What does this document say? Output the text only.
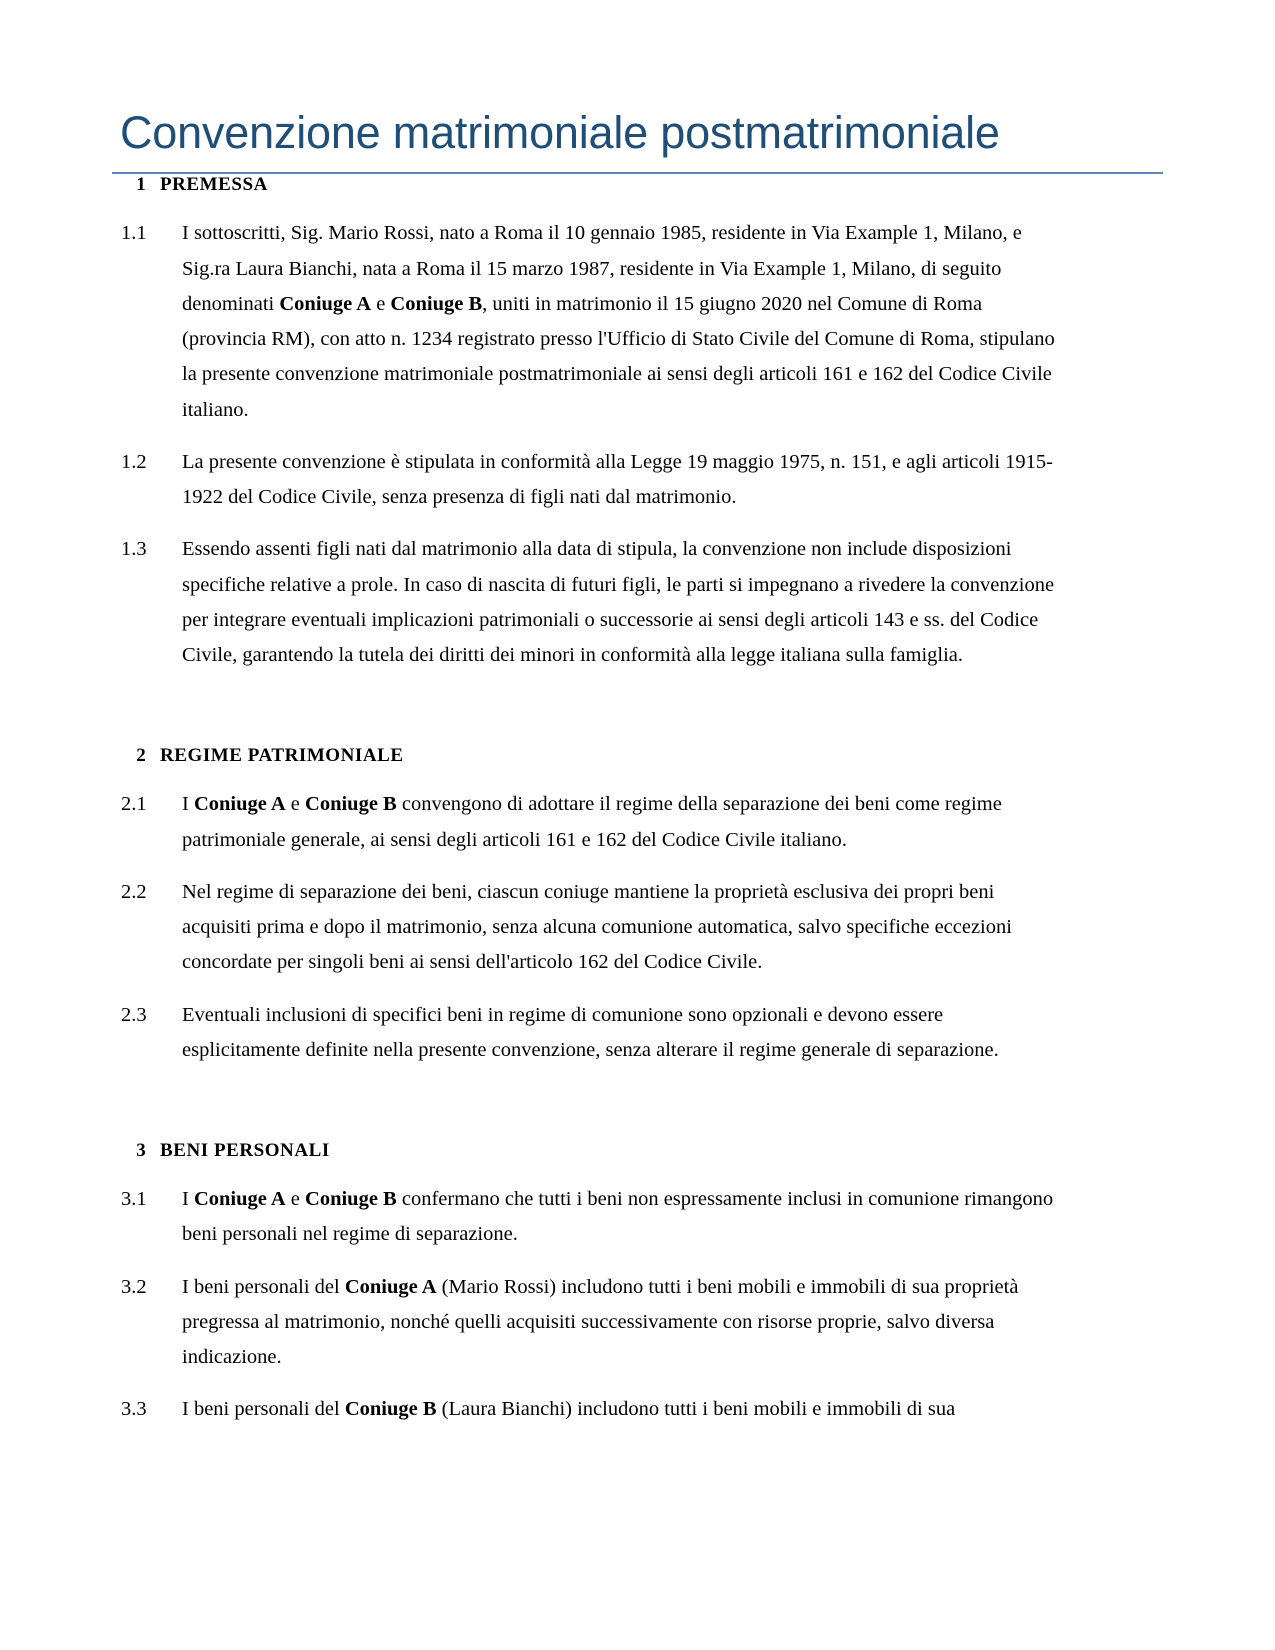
Convenzione matrimoniale postmatrimoniale
1 PREMESSA
1.1	I sottoscritti, Sig. Mario Rossi, nato a Roma il 10 gennaio 1985, residente in Via Example 1, Milano, e Sig.ra Laura Bianchi, nata a Roma il 15 marzo 1987, residente in Via Example 1, Milano, di seguito denominati Coniuge A e Coniuge B, uniti in matrimonio il 15 giugno 2020 nel Comune di Roma (provincia RM), con atto n. 1234 registrato presso l'Ufficio di Stato Civile del Comune di Roma, stipulano la presente convenzione matrimoniale postmatrimoniale ai sensi degli articoli 161 e 162 del Codice Civile italiano.
1.2	La presente convenzione è stipulata in conformità alla Legge 19 maggio 1975, n. 151, e agli articoli 1915-1922 del Codice Civile, senza presenza di figli nati dal matrimonio.
1.3	Essendo assenti figli nati dal matrimonio alla data di stipula, la convenzione non include disposizioni specifiche relative a prole. In caso di nascita di futuri figli, le parti si impegnano a rivedere la convenzione per integrare eventuali implicazioni patrimoniali o successorie ai sensi degli articoli 143 e ss. del Codice Civile, garantendo la tutela dei diritti dei minori in conformità alla legge italiana sulla famiglia.
2 REGIME PATRIMONIALE
2.1	I Coniuge A e Coniuge B convengono di adottare il regime della separazione dei beni come regime patrimoniale generale, ai sensi degli articoli 161 e 162 del Codice Civile italiano.
2.2	Nel regime di separazione dei beni, ciascun coniuge mantiene la proprietà esclusiva dei propri beni acquisiti prima e dopo il matrimonio, senza alcuna comunione automatica, salvo specifiche eccezioni concordate per singoli beni ai sensi dell'articolo 162 del Codice Civile.
2.3	Eventuali inclusioni di specifici beni in regime di comunione sono opzionali e devono essere esplicitamente definite nella presente convenzione, senza alterare il regime generale di separazione.
3 BENI PERSONALI
3.1	I Coniuge A e Coniuge B confermano che tutti i beni non espressamente inclusi in comunione rimangono beni personali nel regime di separazione.
3.2	I beni personali del Coniuge A (Mario Rossi) includono tutti i beni mobili e immobili di sua proprietà pregressa al matrimonio, nonché quelli acquisiti successivamente con risorse proprie, salvo diversa indicazione.
3.3	I beni personali del Coniuge B (Laura Bianchi) includono tutti i beni mobili e immobili di sua
